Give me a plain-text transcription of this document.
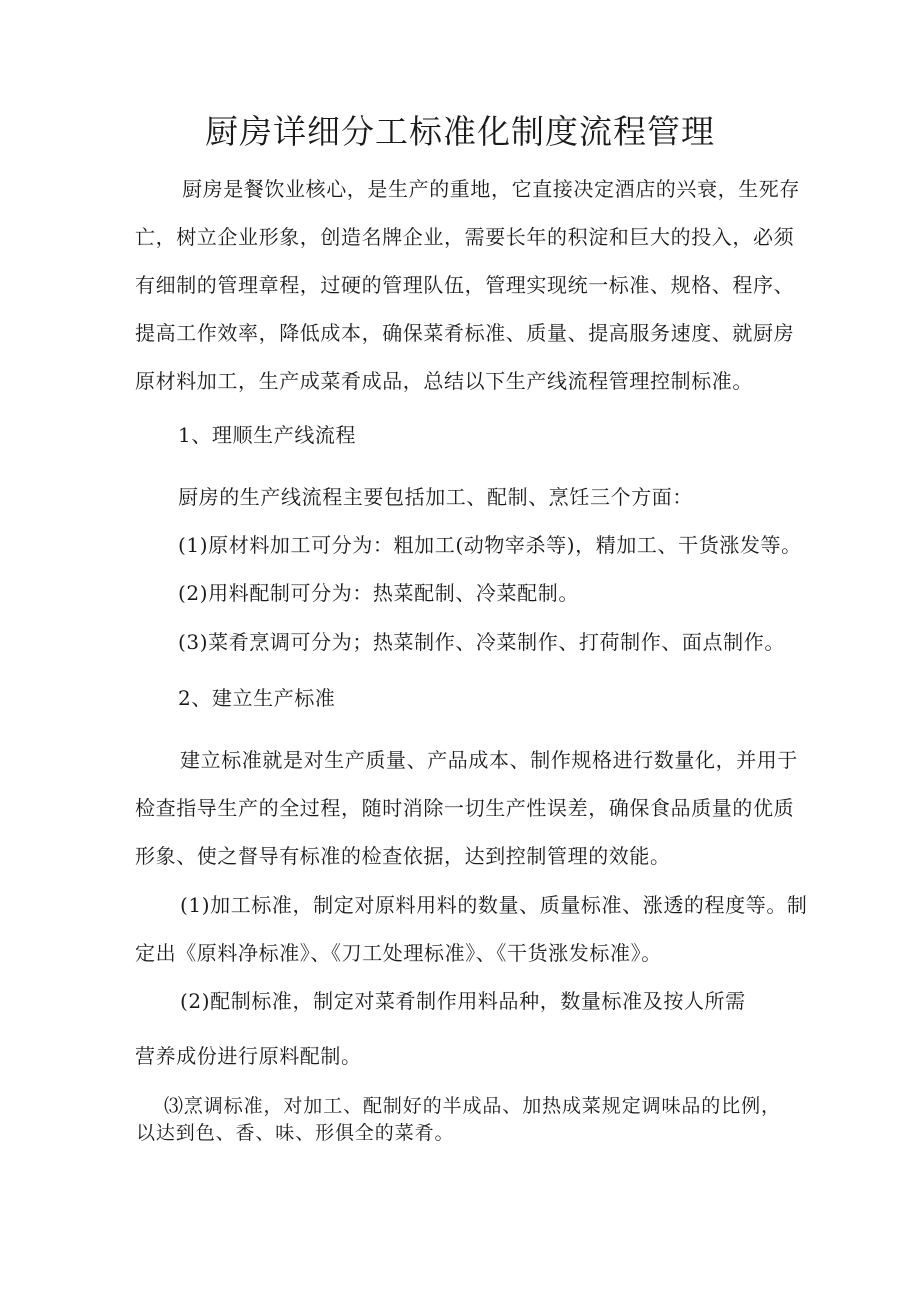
厨房详细分工标准化制度流程管理
厨房是餐饮业核心，是生产的重地，它直接决定酒店的兴衰，生死存
亡，树立企业形象，创造名牌企业，需要长年的积淀和巨大的投入，必须
有细制的管理章程，过硬的管理队伍，管理实现统一标准、规格、程序、
提高工作效率，降低成本，确保菜肴标准、质量、提高服务速度、就厨房
原材料加工，生产成菜肴成品，总结以下生产线流程管理控制标准。
1、理顺生产线流程
厨房的生产线流程主要包括加工、配制、烹饪三个方面：
(1)原材料加工可分为：粗加工(动物宰杀等)，精加工、干货涨发等。
(2)用料配制可分为：热菜配制、冷菜配制。
(3)菜肴烹调可分为；热菜制作、冷菜制作、打荷制作、面点制作。
2、建立生产标准
建立标准就是对生产质量、产品成本、制作规格进行数量化，并用于
检查指导生产的全过程，随时消除一切生产性误差，确保食品质量的优质
形象、使之督导有标准的检查依据，达到控制管理的效能。
(1)加工标准，制定对原料用料的数量、质量标准、涨透的程度等。制
定出《原料净标准》、《刀工处理标准》、《干货涨发标准》。
(2)配制标准，制定对菜肴制作用料品种，数量标准及按人所需
营养成份进行原料配制。
⑶烹调标准，对加工、配制好的半成品、加热成菜规定调味品的比例，
以达到色、香、味、形俱全的菜肴。
